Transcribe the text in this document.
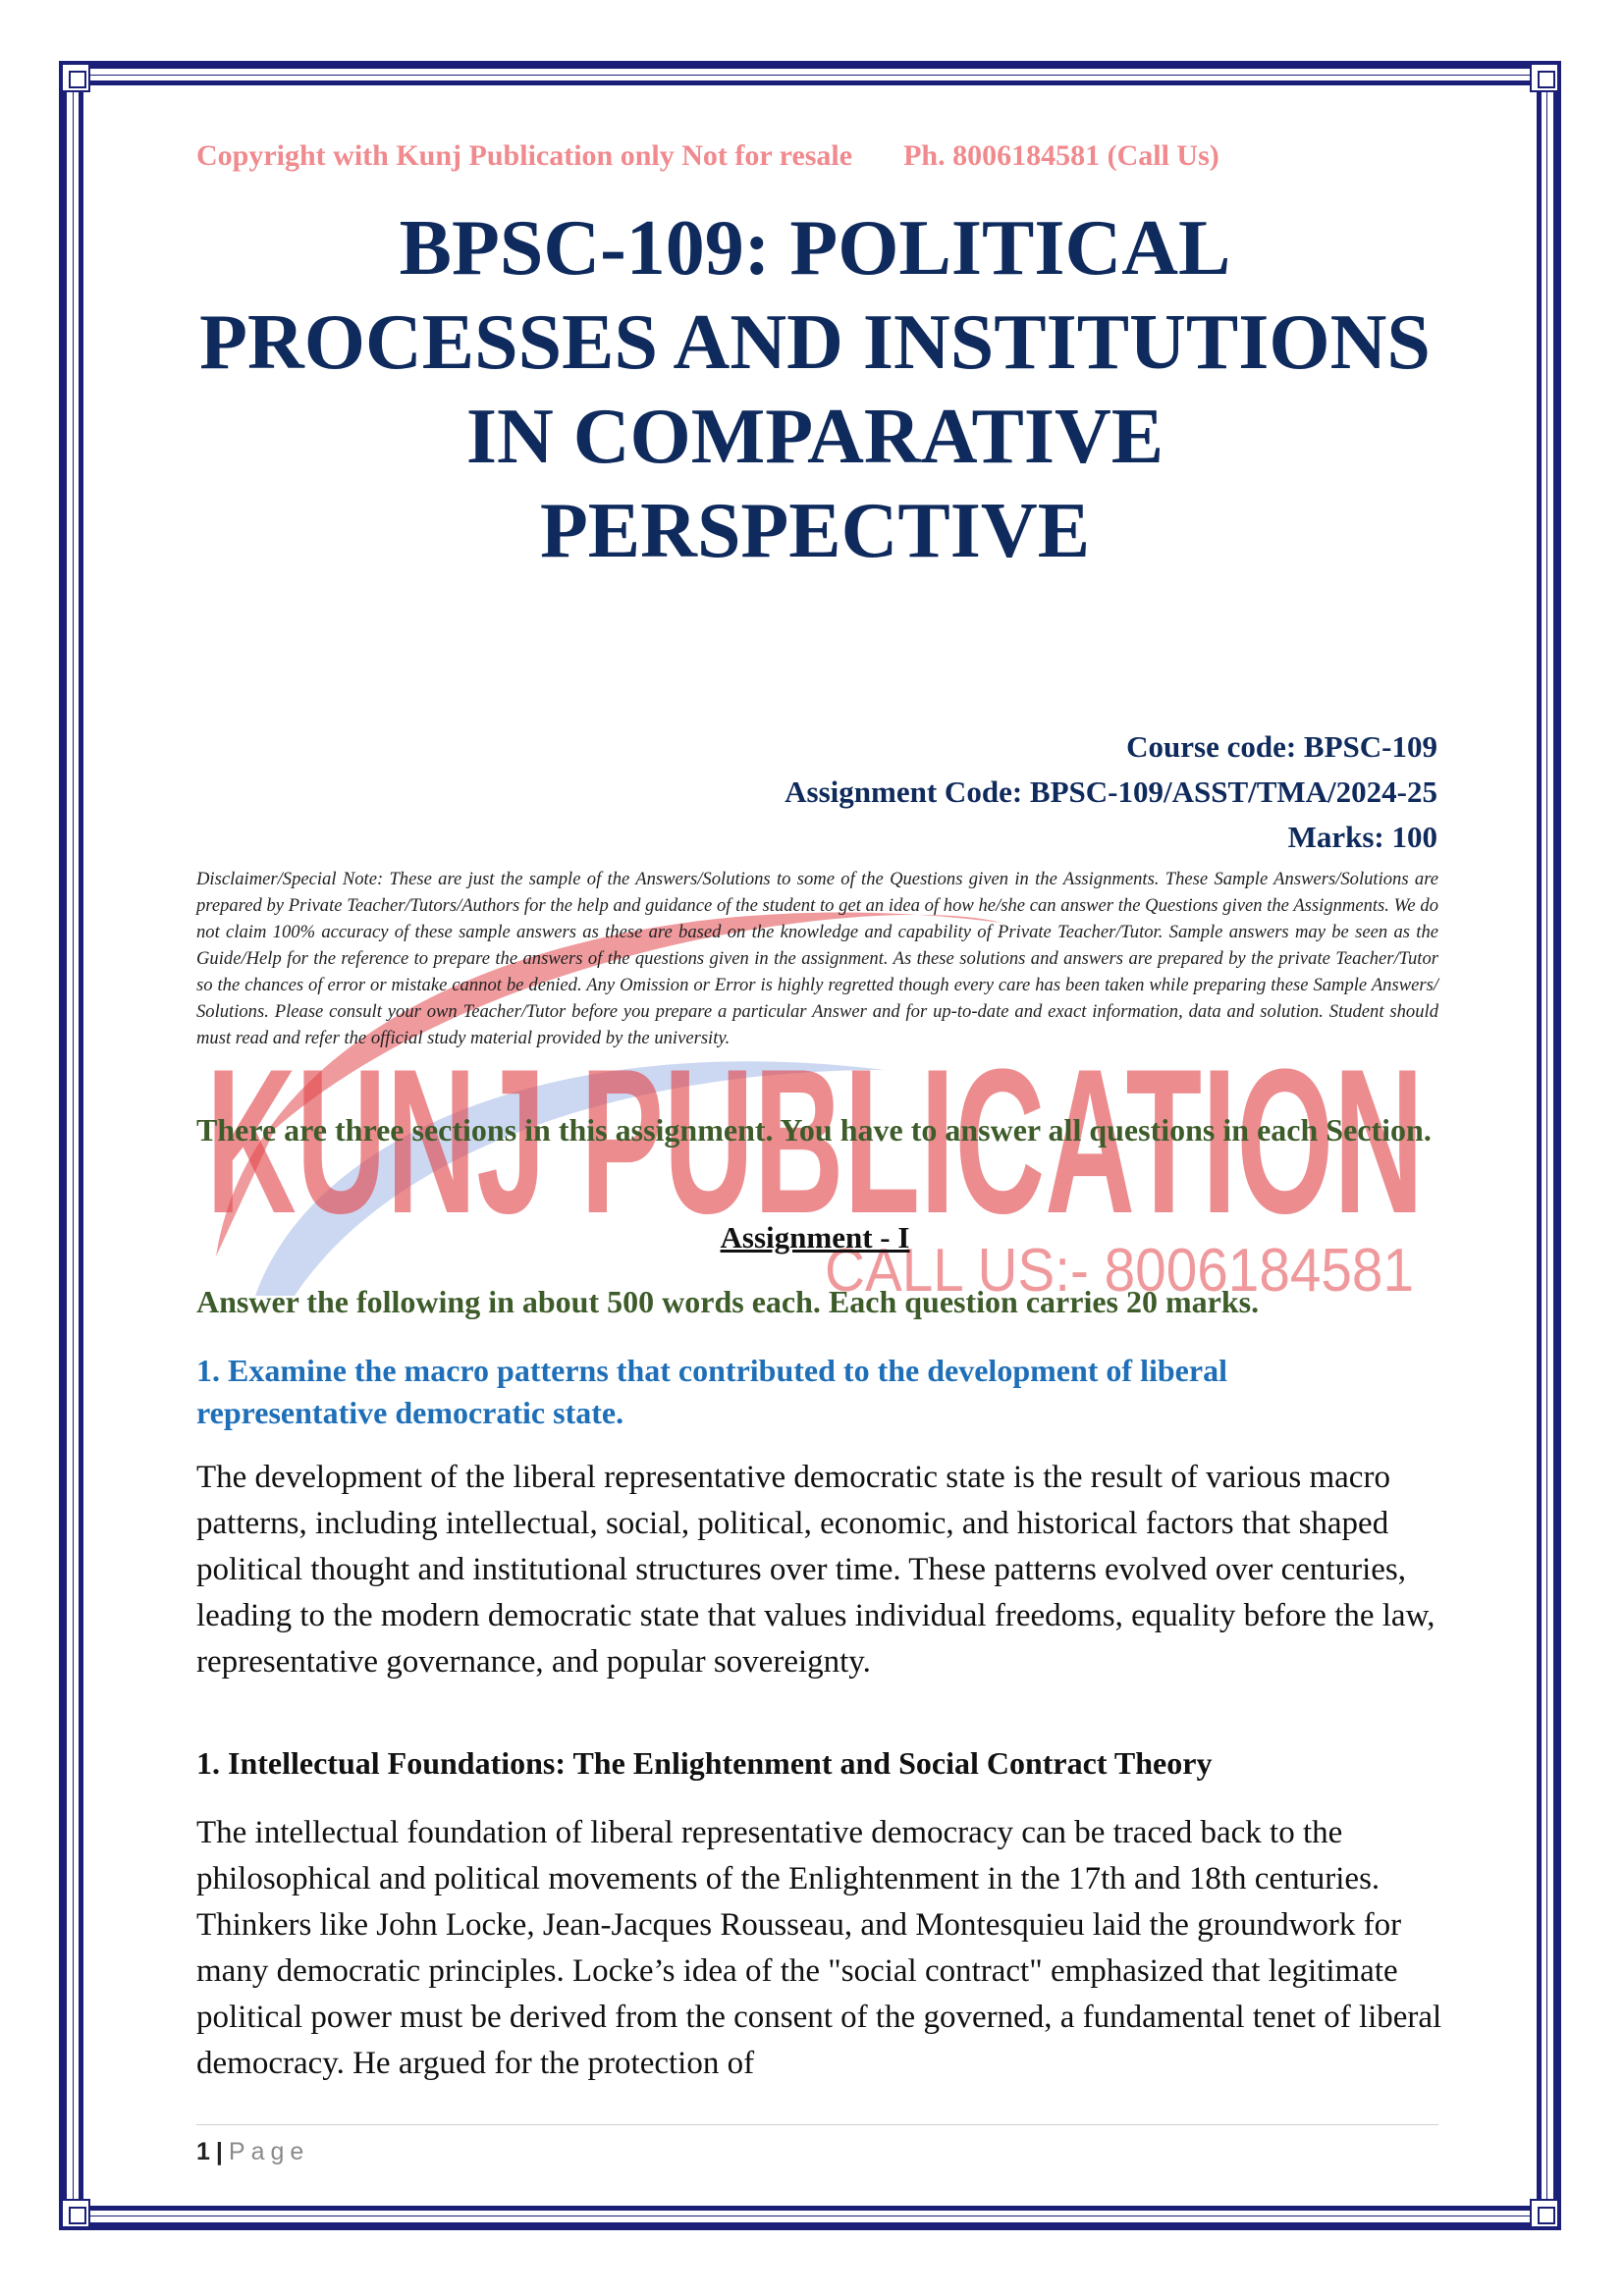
KUNJ PUBLICATION
CALL US:- 8006184581
Copyright with Kunj Publication only Not for resale Ph. 8006184581 (Call Us)
BPSC-109: POLITICAL PROCESSES AND INSTITUTIONS IN COMPARATIVE PERSPECTIVE
Course code: BPSC-109
Assignment Code: BPSC-109/ASST/TMA/2024-25
Marks: 100
Disclaimer/Special Note: These are just the sample of the Answers/Solutions to some of the Questions given in the Assignments. These Sample Answers/Solutions are prepared by Private Teacher/Tutors/Authors for the help and guidance of the student to get an idea of how he/she can answer the Questions given the Assignments. We do not claim 100% accuracy of these sample answers as these are based on the knowledge and capability of Private Teacher/Tutor. Sample answers may be seen as the Guide/Help for the reference to prepare the answers of the questions given in the assignment. As these solutions and answers are prepared by the private Teacher/Tutor so the chances of error or mistake cannot be denied. Any Omission or Error is highly regretted though every care has been taken while preparing these Sample Answers/ Solutions. Please consult your own Teacher/Tutor before you prepare a particular Answer and for up-to-date and exact information, data and solution. Student should must read and refer the official study material provided by the university.
There are three sections in this assignment. You have to answer all questions in each Section.
Assignment - I
Answer the following in about 500 words each. Each question carries 20 marks.
1. Examine the macro patterns that contributed to the development of liberal representative democratic state.
The development of the liberal representative democratic state is the result of various macro patterns, including intellectual, social, political, economic, and historical factors that shaped political thought and institutional structures over time. These patterns evolved over centuries, leading to the modern democratic state that values individual freedoms, equality before the law, representative governance, and popular sovereignty.
1. Intellectual Foundations: The Enlightenment and Social Contract Theory
The intellectual foundation of liberal representative democracy can be traced back to the philosophical and political movements of the Enlightenment in the 17th and 18th centuries. Thinkers like John Locke, Jean-Jacques Rousseau, and Montesquieu laid the groundwork for many democratic principles. Locke’s idea of the "social contract" emphasized that legitimate political power must be derived from the consent of the governed, a fundamental tenet of liberal democracy. He argued for the protection of
1 | Page
